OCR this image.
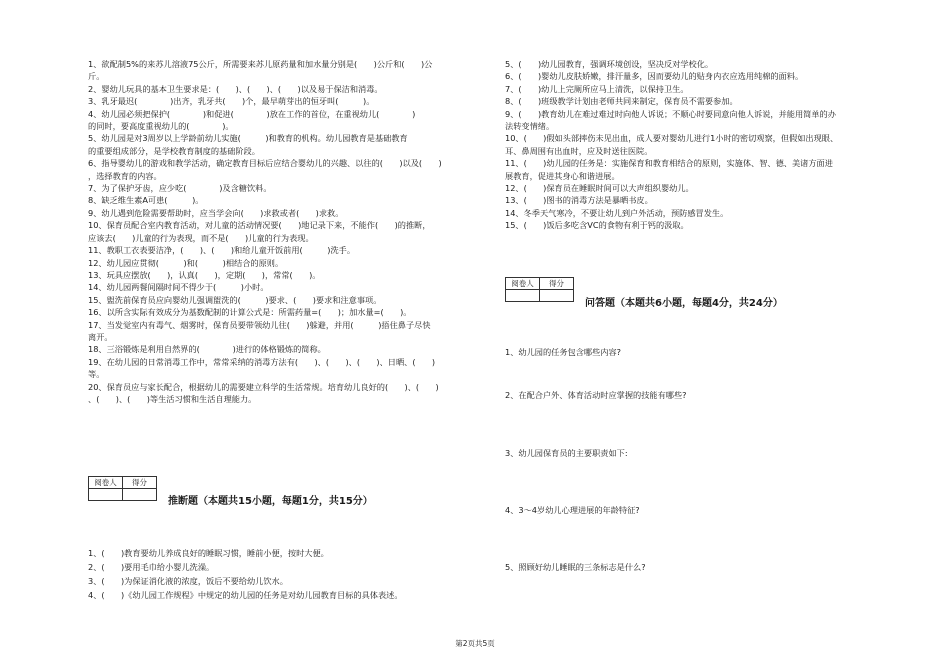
1、欲配制5%的来苏儿溶液75公斤，所需要来苏儿原药量和加水量分别是(　　)公斤和(　　)公

斤。

2、婴幼儿玩具的基本卫生要求是：(　　)、(　　)、(　　)以及易于保洁和消毒。

3、乳牙最迟(　　　　)出齐，乳牙共(　　)个，最早萌芽出的恒牙叫(　　　)。

4、幼儿园必须把保护(　　　　)和促进(　　　　)放在工作的首位，在重视幼儿(　　　　)

的同时，要高度重视幼儿的(　　　　)。

5、幼儿园是对3周岁以上学龄前幼儿实施(　　　)和教育的机构。幼儿园教育是基础教育

的重要组成部分，是学校教育制度的基础阶段。

6、指导婴幼儿的游戏和教学活动，确定教育目标后应结合婴幼儿的兴趣、以往的(　　)以及(　　)

，选择教育的内容。

7、为了保护牙齿，应少吃(　　　　)及含糖饮料。

8、缺乏维生素A可患(　　　)。

9、幼儿遇到危险需要帮助时，应当学会向(　　)求救或者(　　)求救。

10、保育员配合室内教育活动，对儿童的活动情况要(　　)地记录下来，不能作(　　)的推断，

应该去(　　)儿童的行为表现，而不是(　　)儿童的行为表现。

11、教职工衣表要洁净，(　　)、(　　)和给儿童开饭前用(　　　)洗手。

12、幼儿园应贯彻(　　　)和(　　　)相结合的原则。

13、玩具应摆放(　　)，认真(　　)，定期(　　)，常常(　　)。

14、幼儿园两餐间隔时间不得少于(　　　)小时。

15、盥洗前保育员应向婴幼儿强调盥洗的(　　　)要求、(　　)要求和注意事项。

16、以所含实际有效成分为基数配制的计算公式是：所需药量=(　　)；加水量=(　　)。

17、当发觉室内有毒气、烟雾时，保育员要带领幼儿往(　　)躲避，并用(　　　)捂住鼻子尽快

离开。

18、三浴锻炼是利用自然界的(　　　　)进行的体格锻炼的简称。

19、在幼儿园的日常消毒工作中，常常采纳的消毒方法有(　　)、(　　)、(　　)、日晒、(　　)

等。

20、保育员应与家长配合，根据幼儿的需要建立科学的生活常规。培育幼儿良好的(　　)、(　　)

、(　　)、(　　)等生活习惯和生活自理能力。

阅卷人	得分

推断题（本题共15小题，每题1分，共15分）

1、(　　)教育要幼儿养成良好的睡眠习惯，睡前小便，按时大便。

2、(　　)要用毛巾给小婴儿洗澡。

3、(　　)为保证消化液的浓度，饭后不要给幼儿饮水。

4、(　　)《幼儿园工作规程》中规定的幼儿园的任务是对幼儿园教育目标的具体表述。

5、(　　)幼儿园教育，强调环境创设，坚决反对学校化。

6、(　　)婴幼儿皮肤娇嫩，排汗量多，因而要幼儿的贴身内衣应选用纯棉的面料。

7、(　　)幼儿上完厕所应马上清洗，以保持卫生。

8、(　　)班级教学计划由老师共同来制定，保育员不需要参加。

9、(　　)教育幼儿在难过难过时向他人诉说；不顺心时要同意向他人诉说，并能用简单的办

法转变情绪。

10、(　　)假如头部摔伤未见出血，成人要对婴幼儿进行1小时的密切观察，但假如出现眼、

耳、鼻周围有出血时，应及时送往医院。

11、(　　)幼儿园的任务是：实施保育和教育相结合的原则，实施体、智、德、美诸方面进

展教育，促进其身心和谐进展。

12、(　　)保育员在睡眠时间可以大声组织婴幼儿。

13、(　　)图书的消毒方法是暴晒书皮。

14、冬季天气寒冷，不要让幼儿到户外活动，预防感冒发生。

15、(　　)饭后多吃含VC的食物有利于钙的汲取。

阅卷人	得分

问答题（本题共6小题，每题4分，共24分）
1、幼儿园的任务包含哪些内容?
2、在配合户外、体育活动时应掌握的技能有哪些?
3、幼儿园保育员的主要职责如下:
4、3～4岁幼儿心理进展的年龄特征?
5、照顾好幼儿睡眠的三条标志是什么?
第2页共5页
